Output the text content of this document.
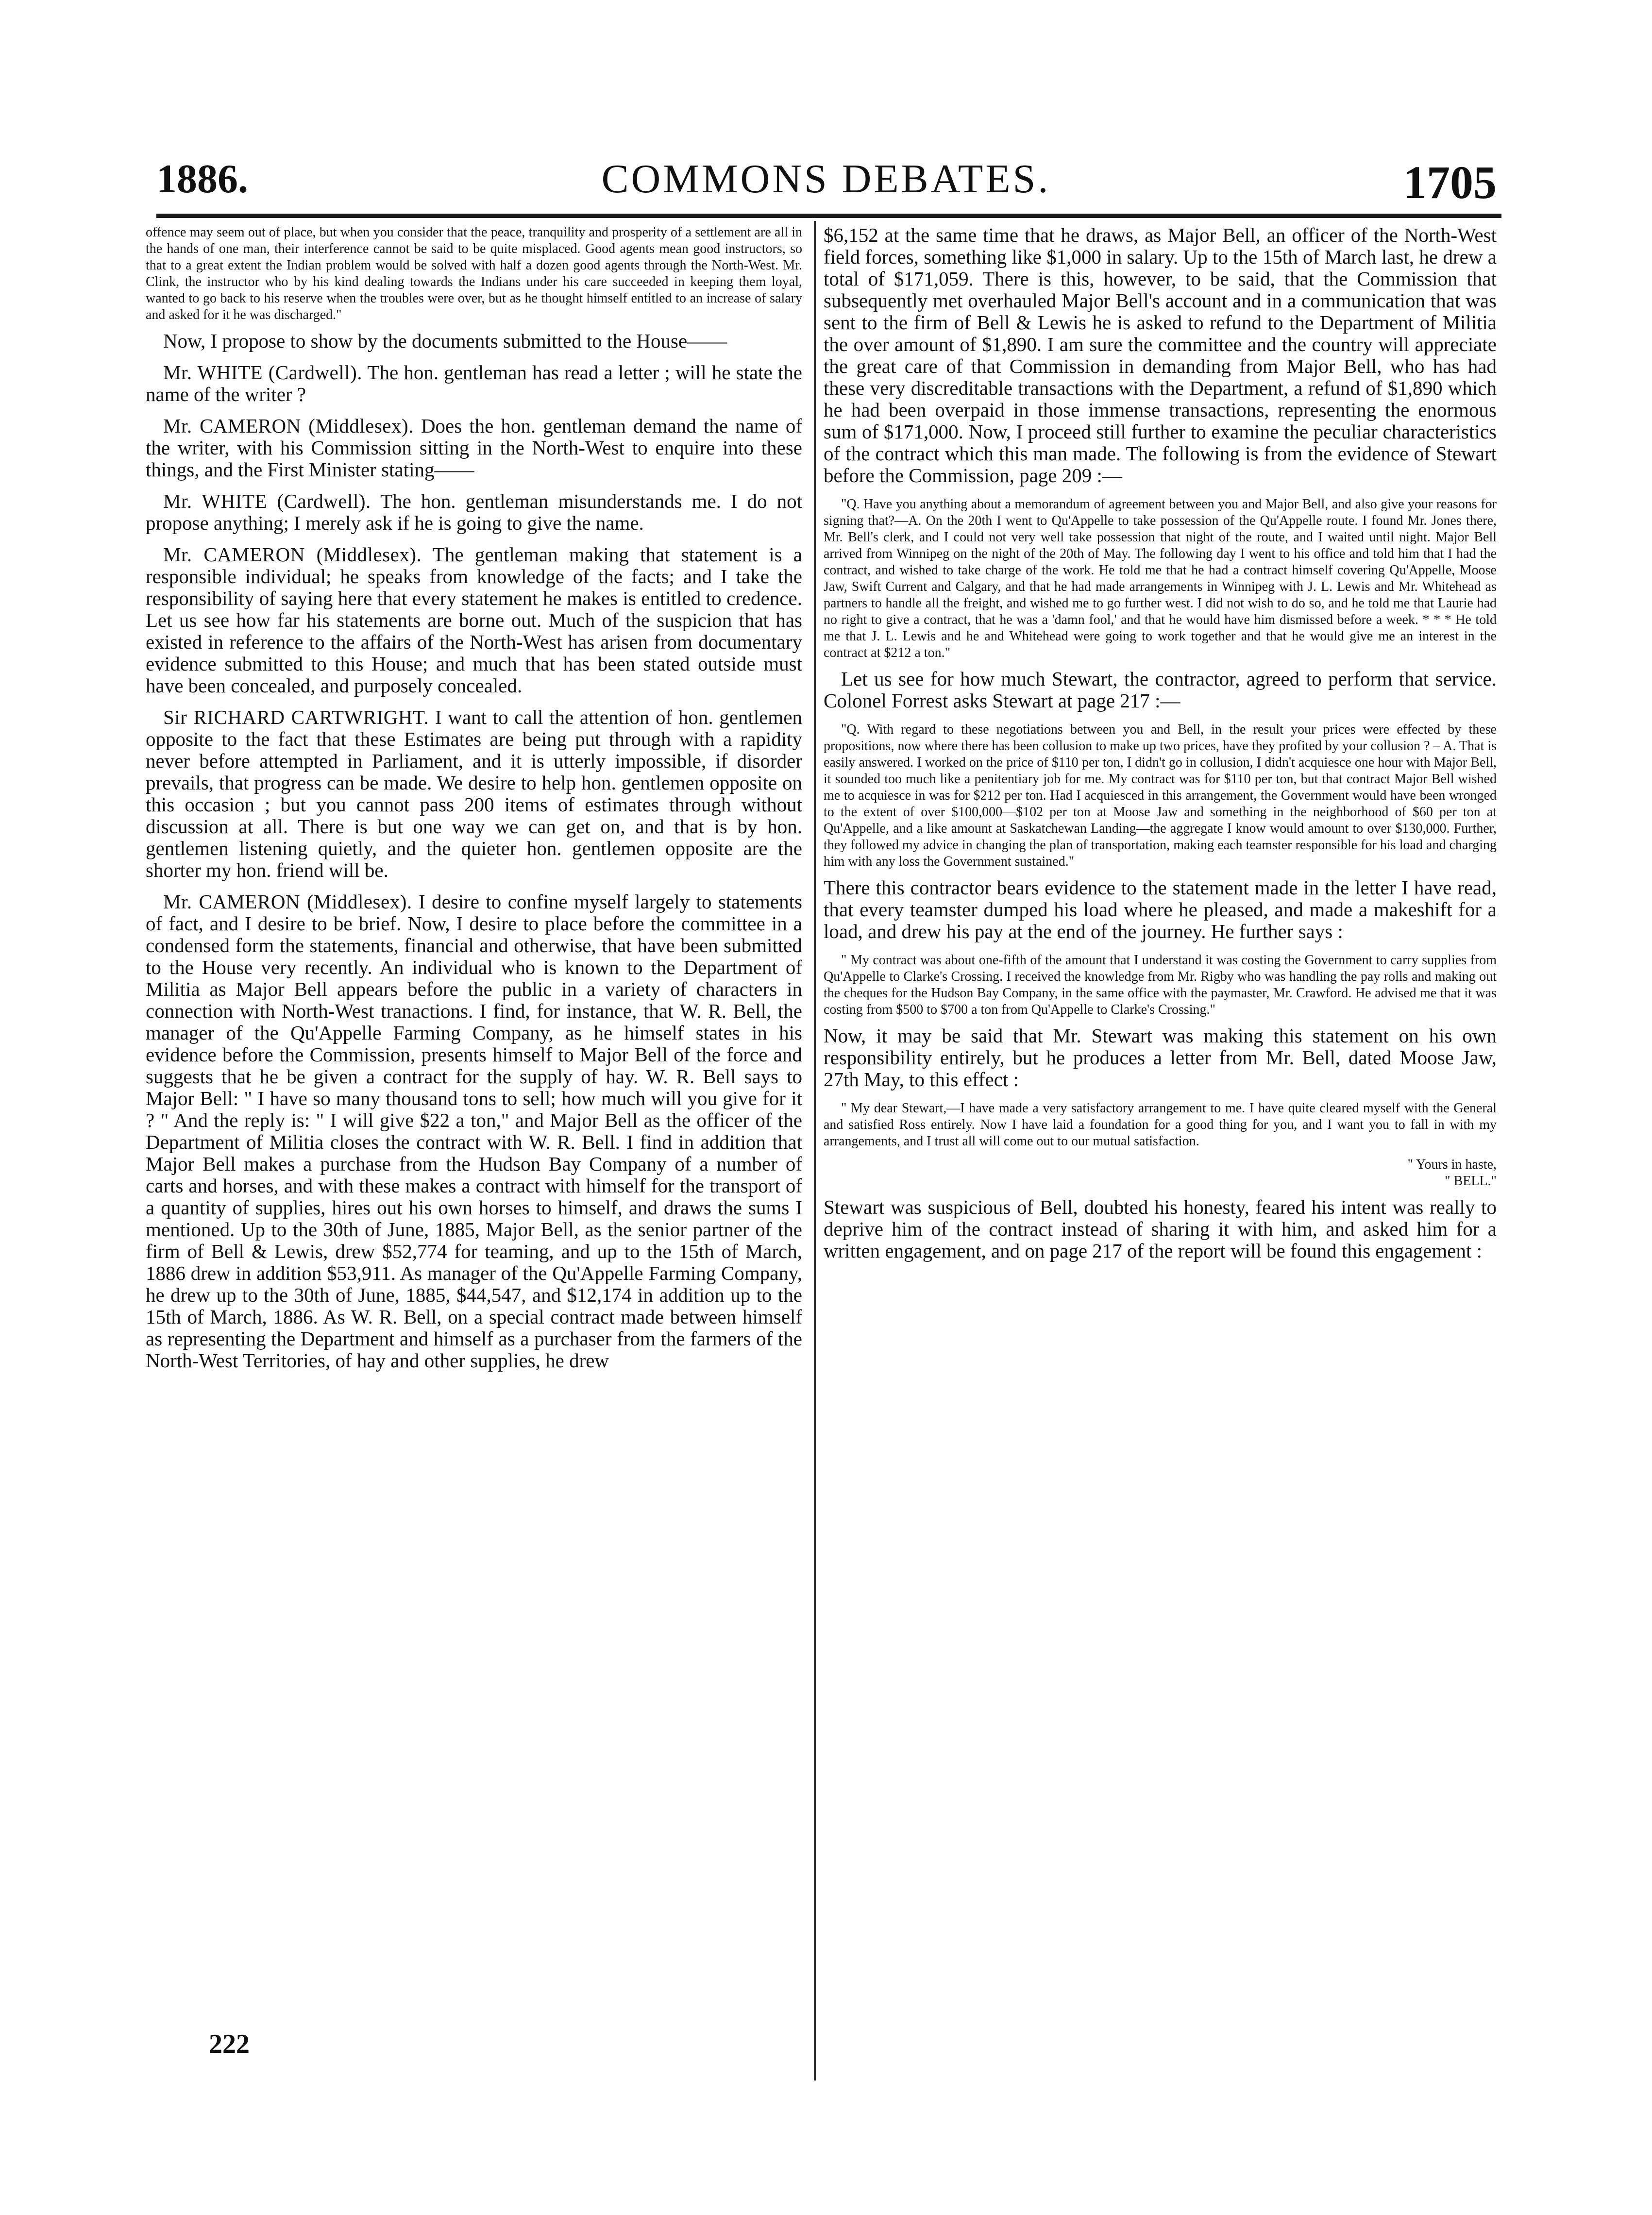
1886.	COMMONS DEBATES.	1705

offence may seem out of place, but when you consider that the peace, tranquility and prosperity of a settlement are all in the hands of one man, their interference cannot be said to be quite misplaced. Good agents mean good instructors, so that to a great extent the Indian problem would be solved with half a dozen good agents through the North-West. Mr. Clink, the instructor who by his kind dealing towards the Indians under his care succeeded in keeping them loyal, wanted to go back to his reserve when the troubles were over, but as he thought himself entitled to an increase of salary and asked for it he was discharged."

Now, I propose to show by the documents submitted to the House——

Mr. WHITE (Cardwell). The hon. gentleman has read a letter ; will he state the name of the writer ?

Mr. CAMERON (Middlesex). Does the hon. gentleman demand the name of the writer, with his Commission sitting in the North-West to enquire into these things, and the First Minister stating——

Mr. WHITE (Cardwell). The hon. gentleman misunderstands me. I do not propose anything; I merely ask if he is going to give the name.

Mr. CAMERON (Middlesex). The gentleman making that statement is a responsible individual; he speaks from knowledge of the facts; and I take the responsibility of saying here that every statement he makes is entitled to credence. Let us see how far his statements are borne out. Much of the suspicion that has existed in reference to the affairs of the North-West has arisen from documentary evidence submitted to this House; and much that has been stated outside must have been concealed, and purposely concealed.

Sir RICHARD CARTWRIGHT. I want to call the attention of hon. gentlemen opposite to the fact that these Estimates are being put through with a rapidity never before attempted in Parliament, and it is utterly impossible, if disorder prevails, that progress can be made. We desire to help hon. gentlemen opposite on this occasion ; but you cannot pass 200 items of estimates through without discussion at all. There is but one way we can get on, and that is by hon. gentlemen listening quietly, and the quieter hon. gentlemen opposite are the shorter my hon. friend will be.

Mr. CAMERON (Middlesex). I desire to confine myself largely to statements of fact, and I desire to be brief. Now, I desire to place before the committee in a condensed form the statements, financial and otherwise, that have been submitted to the House very recently. An individual who is known to the Department of Militia as Major Bell appears before the public in a variety of characters in connection with North-West tranactions. I find, for instance, that W. R. Bell, the manager of the Qu'Appelle Farming Company, as he himself states in his evidence before the Commission, presents himself to Major Bell of the force and suggests that he be given a contract for the supply of hay. W. R. Bell says to Major Bell: " I have so many thousand tons to sell; how much will you give for it ? " And the reply is: " I will give $22 a ton," and Major Bell as the officer of the Department of Militia closes the contract with W. R. Bell. I find in addition that Major Bell makes a purchase from the Hudson Bay Company of a number of carts and horses, and with these makes a contract with himself for the transport of a quantity of supplies, hires out his own horses to himself, and draws the sums I mentioned. Up to the 30th of June, 1885, Major Bell, as the senior partner of the firm of Bell & Lewis, drew $52,774 for teaming, and up to the 15th of March, 1886 drew in addition $53,911. As manager of the Qu'Appelle Farming Company, he drew up to the 30th of June, 1885, $44,547, and $12,174 in addition up to the 15th of March, 1886. As W. R. Bell, on a special contract made between himself as representing the Department and himself as a purchaser from the farmers of the North-West Territories, of hay and other supplies, he drew

$6,152 at the same time that he draws, as Major Bell, an officer of the North-West field forces, something like $1,000 in salary. Up to the 15th of March last, he drew a total of $171,059. There is this, however, to be said, that the Commission that subsequently met overhauled Major Bell's account and in a communication that was sent to the firm of Bell & Lewis he is asked to refund to the Department of Militia the over amount of $1,890. I am sure the committee and the country will appreciate the great care of that Commission in demanding from Major Bell, who has had these very discreditable transactions with the Department, a refund of $1,890 which he had been overpaid in those immense transactions, representing the enormous sum of $171,000. Now, I proceed still further to examine the peculiar characteristics of the contract which this man made. The following is from the evidence of Stewart before the Commission, page 209 :—

"Q. Have you anything about a memorandum of agreement between you and Major Bell, and also give your reasons for signing that?—A. On the 20th I went to Qu'Appelle to take possession of the Qu'Appelle route. I found Mr. Jones there, Mr. Bell's clerk, and I could not very well take possession that night of the route, and I waited until night. Major Bell arrived from Winnipeg on the night of the 20th of May. The following day I went to his office and told him that I had the contract, and wished to take charge of the work. He told me that he had a contract himself covering Qu'Appelle, Moose Jaw, Swift Current and Calgary, and that he had made arrangements in Winnipeg with J. L. Lewis and Mr. Whitehead as partners to handle all the freight, and wished me to go further west. I did not wish to do so, and he told me that Laurie had no right to give a contract, that he was a 'damn fool,' and that he would have him dismissed before a week. * * * He told me that J. L. Lewis and he and Whitehead were going to work together and that he would give me an interest in the contract at $212 a ton."

Let us see for how much Stewart, the contractor, agreed to perform that service. Colonel Forrest asks Stewart at page 217 :—

"Q. With regard to these negotiations between you and Bell, in the result your prices were effected by these propositions, now where there has been collusion to make up two prices, have they profited by your collusion ? – A. That is easily answered. I worked on the price of $110 per ton, I didn't go in collusion, I didn't acquiesce one hour with Major Bell, it sounded too much like a penitentiary job for me. My contract was for $110 per ton, but that contract Major Bell wished me to acquiesce in was for $212 per ton. Had I acquiesced in this arrangement, the Government would have been wronged to the extent of over $100,000—$102 per ton at Moose Jaw and something in the neighborhood of $60 per ton at Qu'Appelle, and a like amount at Saskatchewan Landing—the aggregate I know would amount to over $130,000. Further, they followed my advice in changing the plan of transportation, making each teamster responsible for his load and charging him with any loss the Government sustained."

There this contractor bears evidence to the statement made in the letter I have read, that every teamster dumped his load where he pleased, and made a makeshift for a load, and drew his pay at the end of the journey. He further says :

" My contract was about one-fifth of the amount that I understand it was costing the Government to carry supplies from Qu'Appelle to Clarke's Crossing. I received the knowledge from Mr. Rigby who was handling the pay rolls and making out the cheques for the Hudson Bay Company, in the same office with the paymaster, Mr. Crawford. He advised me that it was costing from $500 to $700 a ton from Qu'Appelle to Clarke's Crossing."

Now, it may be said that Mr. Stewart was making this statement on his own responsibility entirely, but he produces a letter from Mr. Bell, dated Moose Jaw, 27th May, to this effect :

" My dear Stewart,—I have made a very satisfactory arrangement to me. I have quite cleared myself with the General and satisfied Ross entirely. Now I have laid a foundation for a good thing for you, and I want you to fall in with my arrangements, and I trust all will come out to our mutual satisfaction.

" Yours in haste,

" BELL."

Stewart was suspicious of Bell, doubted his honesty, feared his intent was really to deprive him of the contract instead of sharing it with him, and asked him for a written engagement, and on page 217 of the report will be found this engagement :

222
